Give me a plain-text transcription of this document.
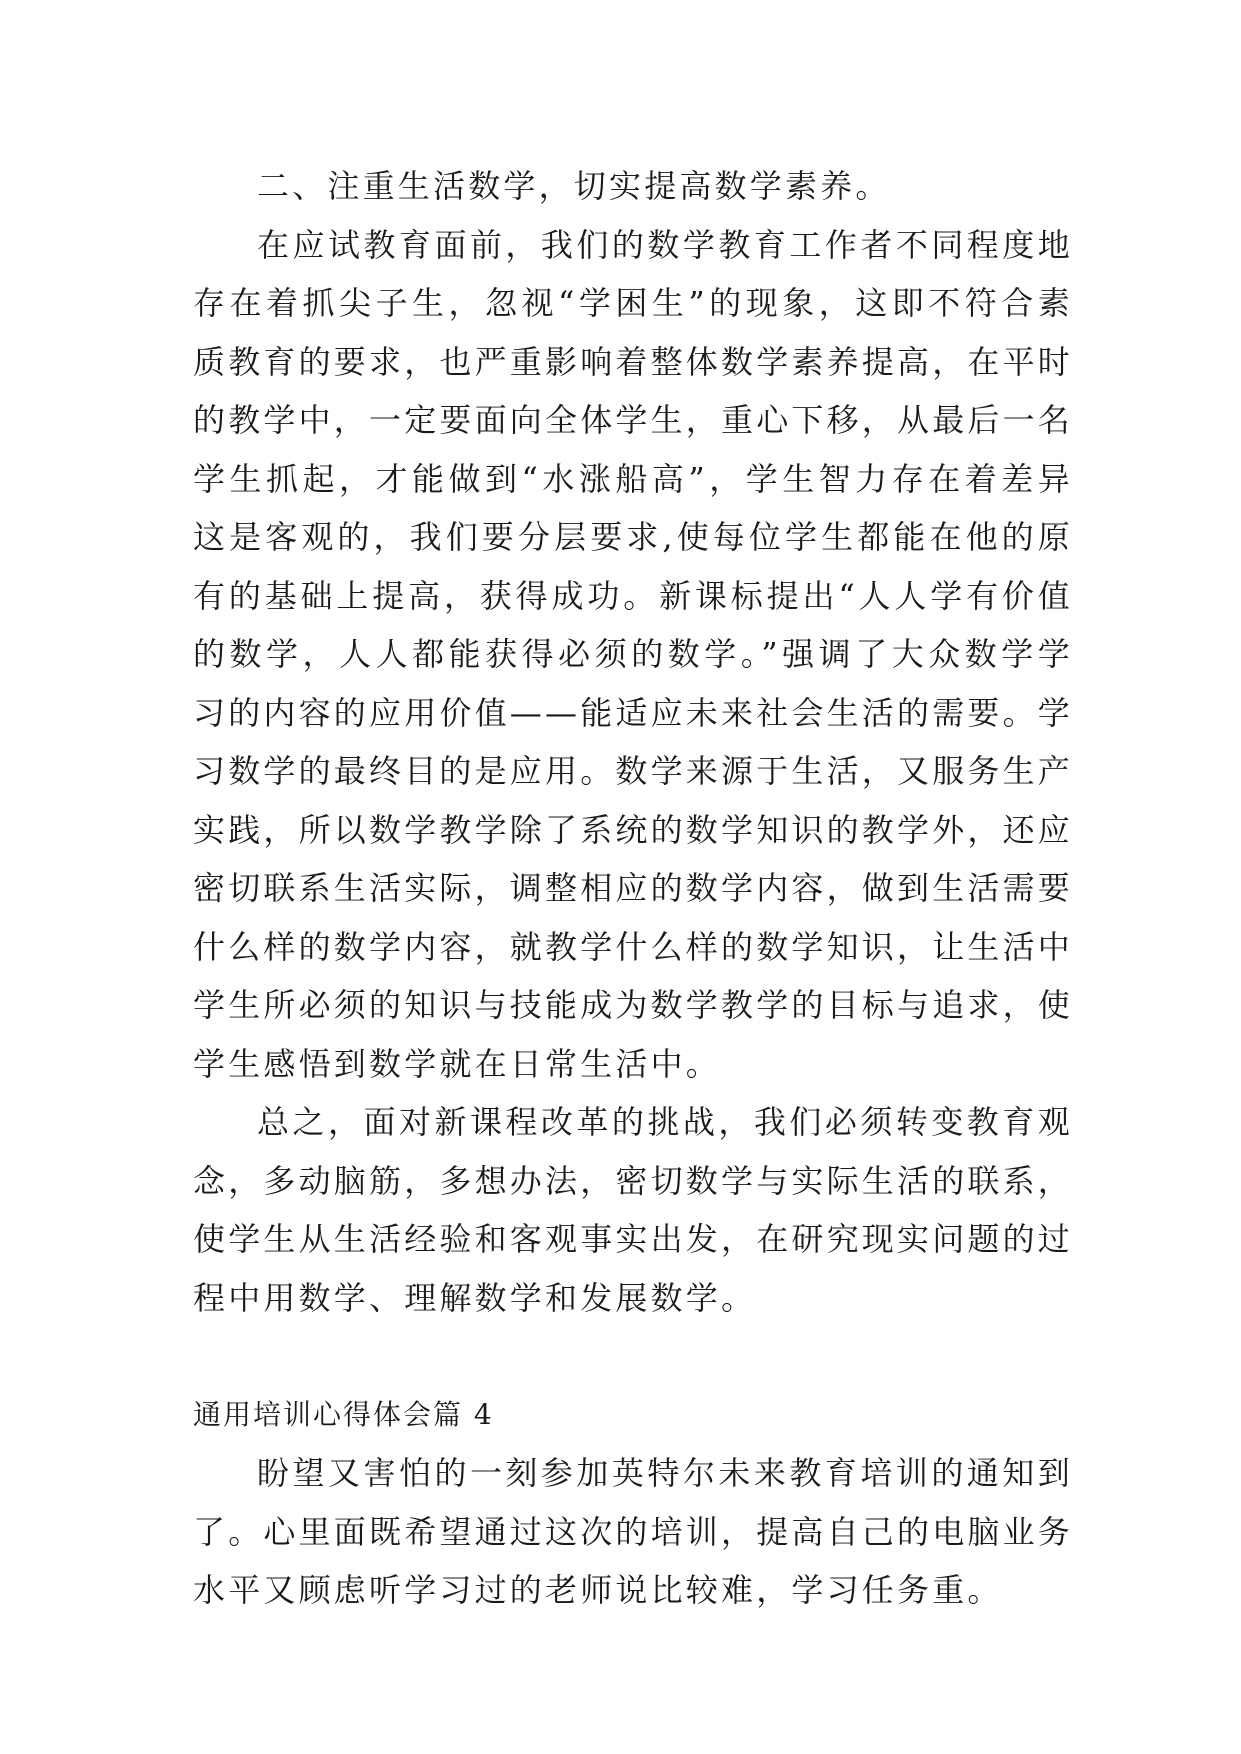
二、注重生活数学，切实提高数学素养。

在应试教育面前，我们的数学教育工作者不同程度地存在着抓尖子生，忽视“学困生”的现象，这即不符合素质教育的要求，也严重影响着整体数学素养提高，在平时的教学中，一定要面向全体学生，重心下移，从最后一名学生抓起，才能做到“水涨船高”，学生智力存在着差异这是客观的，我们要分层要求,使每位学生都能在他的原有的基础上提高，获得成功。新课标提出“人人学有价值的数学，人人都能获得必须的数学。”强调了大众数学学习的内容的应用价值——能适应未来社会生活的需要。学习数学的最终目的是应用。数学来源于生活，又服务生产实践，所以数学教学除了系统的数学知识的教学外，还应密切联系生活实际，调整相应的数学内容，做到生活需要什么样的数学内容，就教学什么样的数学知识，让生活中学生所必须的知识与技能成为数学教学的目标与追求，使学生感悟到数学就在日常生活中。

总之，面对新课程改革的挑战，我们必须转变教育观念，多动脑筋，多想办法，密切数学与实际生活的联系，使学生从生活经验和客观事实出发，在研究现实问题的过程中用数学、理解数学和发展数学。

通用培训心得体会篇 4

盼望又害怕的一刻参加英特尔未来教育培训的通知到了。心里面既希望通过这次的培训，提高自己的电脑业务水平又顾虑听学习过的老师说比较难，学习任务重。
